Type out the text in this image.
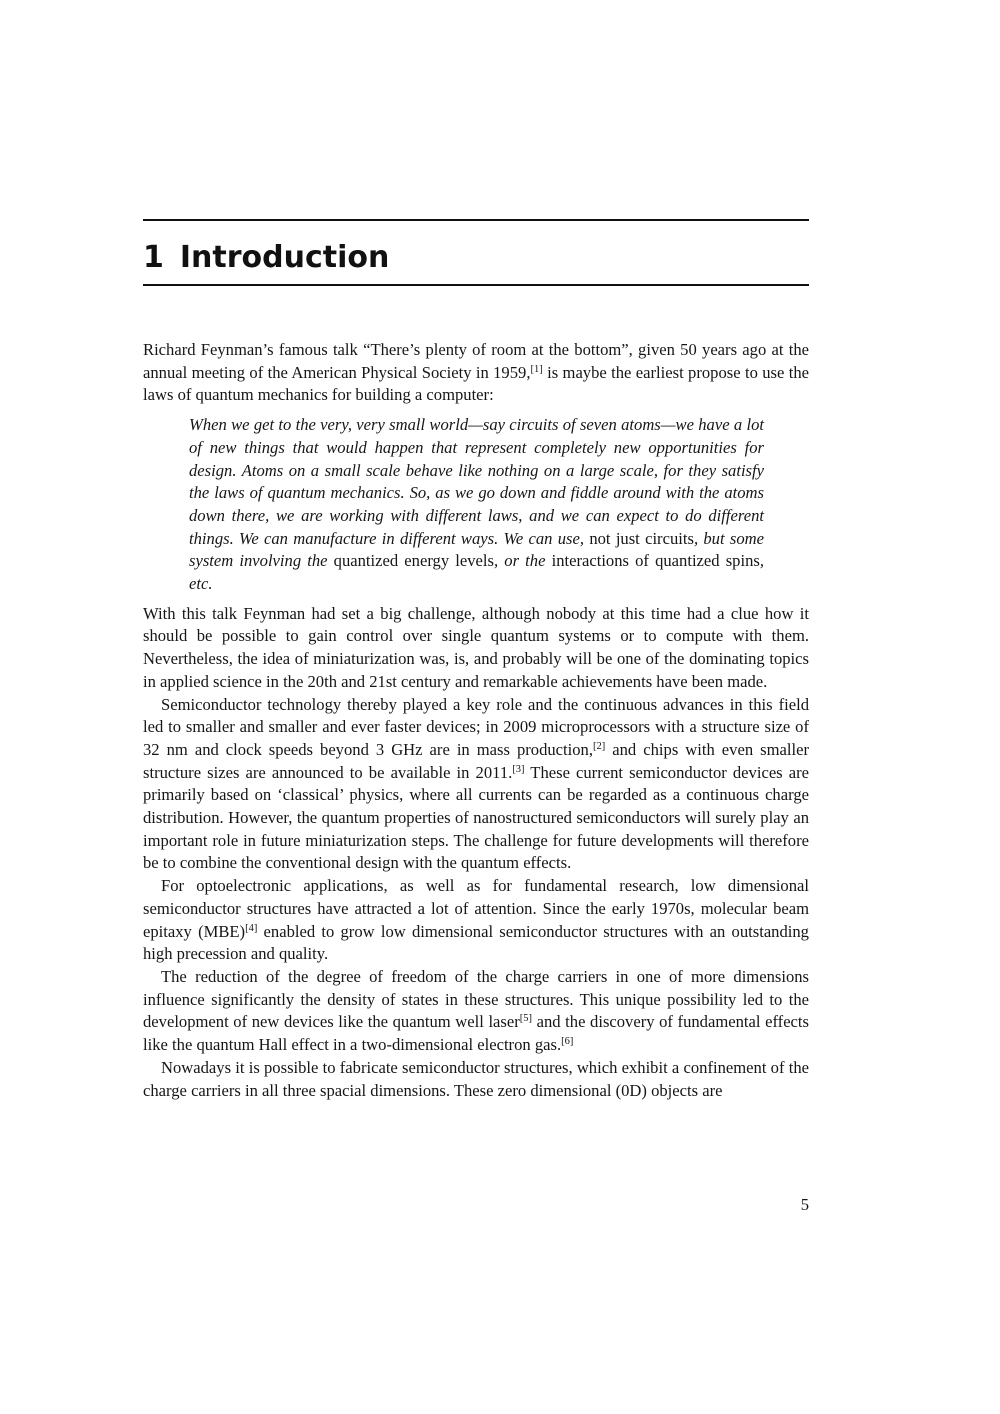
1 Introduction

Richard Feynman’s famous talk “There’s plenty of room at the bottom”, given 50 years ago at the annual meeting of the American Physical Society in 1959,[1] is maybe the earliest propose to use the laws of quantum mechanics for building a computer:

When we get to the very, very small world—say circuits of seven atoms—we have a lot of new things that would happen that represent completely new opportunities for design. Atoms on a small scale behave like nothing on a large scale, for they satisfy the laws of quantum mechanics. So, as we go down and fiddle around with the atoms down there, we are working with different laws, and we can expect to do different things. We can manufacture in different ways. We can use, not just circuits, but some system involving the quantized energy levels, or the interactions of quantized spins, etc.

With this talk Feynman had set a big challenge, although nobody at this time had a clue how it should be possible to gain control over single quantum systems or to compute with them. Nevertheless, the idea of miniaturization was, is, and probably will be one of the dominating topics in applied science in the 20th and 21st century and remarkable achievements have been made.

Semiconductor technology thereby played a key role and the continuous advances in this field led to smaller and smaller and ever faster devices; in 2009 microprocessors with a structure size of 32 nm and clock speeds beyond 3 GHz are in mass production,[2] and chips with even smaller structure sizes are announced to be available in 2011.[3] These current semiconductor devices are primarily based on ‘classical’ physics, where all currents can be regarded as a continuous charge distribution. However, the quantum properties of nanostructured semiconductors will surely play an important role in future miniaturization steps. The challenge for future developments will therefore be to combine the conventional design with the quantum effects.

For optoelectronic applications, as well as for fundamental research, low dimensional semiconductor structures have attracted a lot of attention. Since the early 1970s, molecular beam epitaxy (MBE)[4] enabled to grow low dimensional semiconductor structures with an outstanding high precession and quality.

The reduction of the degree of freedom of the charge carriers in one of more dimensions influence significantly the density of states in these structures. This unique possibility led to the development of new devices like the quantum well laser[5] and the discovery of fundamental effects like the quantum Hall effect in a two-dimensional electron gas.[6]

Nowadays it is possible to fabricate semiconductor structures, which exhibit a confinement of the charge carriers in all three spacial dimensions. These zero dimensional (0D) objects are

5
